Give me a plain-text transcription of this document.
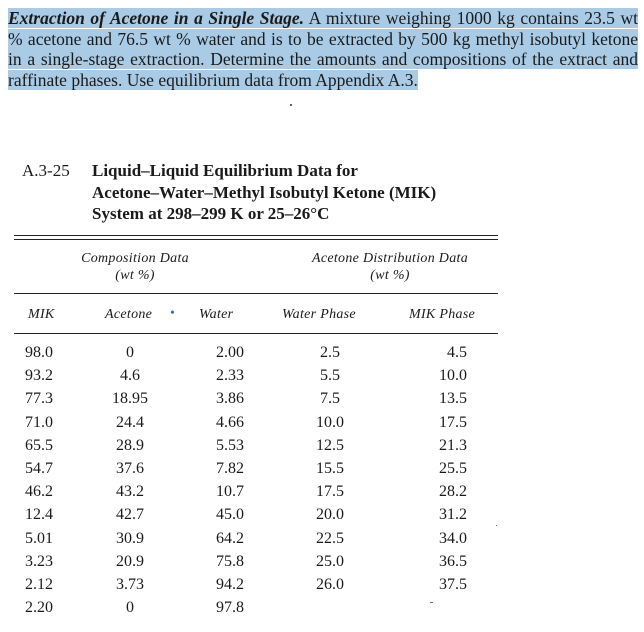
Extraction of Acetone in a Single Stage. A mixture weighing 1000 kg contains 23.5 wt % acetone and 76.5 wt % water and is to be extracted by 500 kg methyl isobutyl ketone in a single-stage extraction. Determine the amounts and compositions of the extract and raffinate phases. Use equilibrium data from Appendix A.3.
A.3-25 Liquid–Liquid Equilibrium Data for
Acetone–Water–Methyl Isobutyl Ketone (MIK)
System at 298–299 K or 25–26°C
Composition Data
(wt %)
Acetone Distribution Data
(wt %)
MIK	Acetone • Water	Water Phase	MIK Phase
98.0	0	2.00	2.5	4.5
93.2	4.6	2.33	5.5	10.0
77.3	18.95	3.86	7.5	13.5
71.0	24.4	4.66	10.0	17.5
65.5	28.9	5.53	12.5	21.3
54.7	37.6	7.82	15.5	25.5
46.2	43.2	10.7	17.5	28.2
12.4	42.7	45.0	20.0	31.2
5.01	30.9	64.2	22.5	34.0
3.23	20.9	75.8	25.0	36.5
2.12	3.73	94.2	26.0	37.5
2.20	0	97.8
